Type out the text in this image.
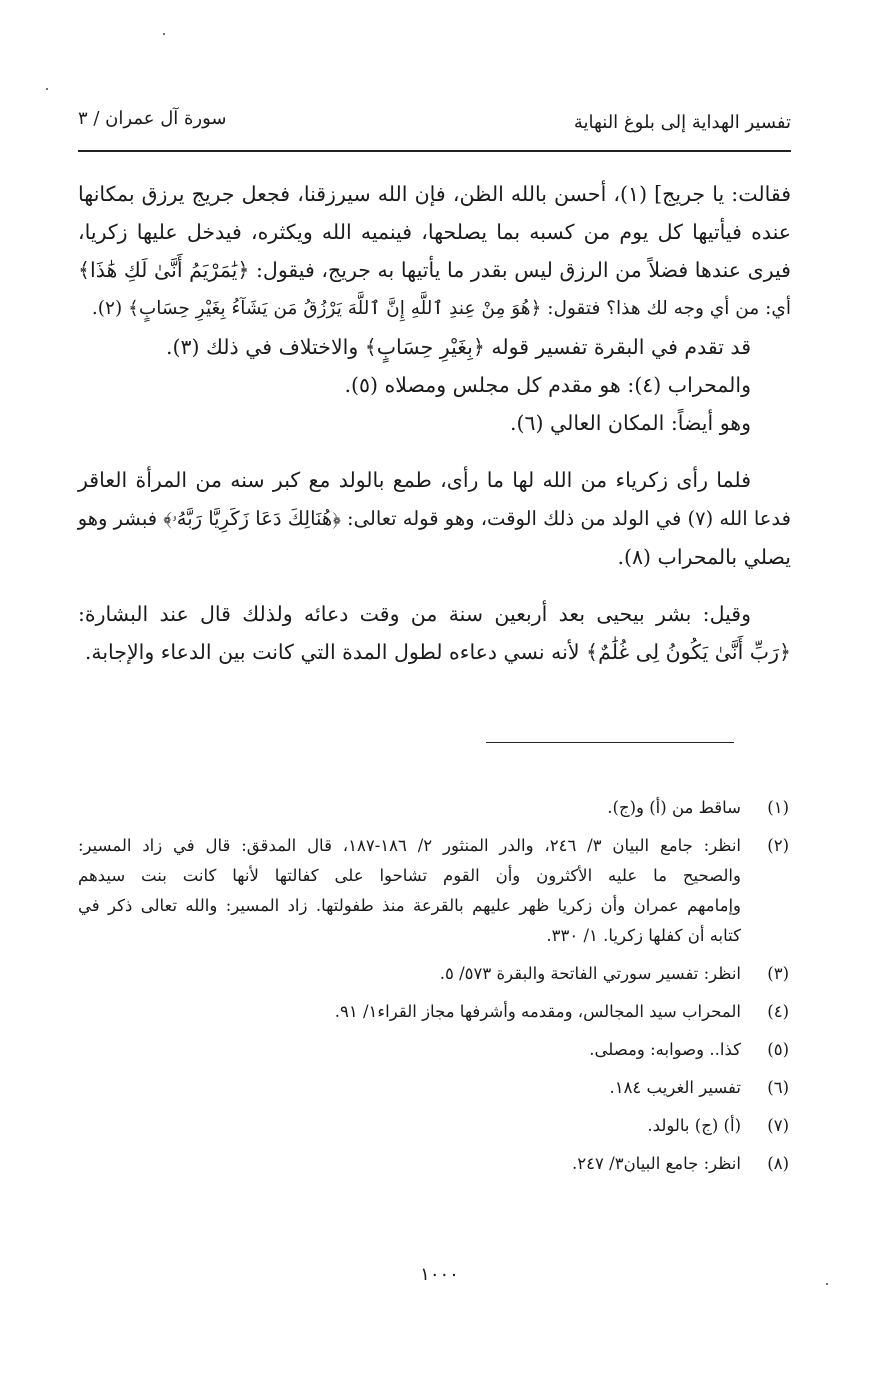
تفسير الهداية إلى بلوغ النهاية
سورة آل عمران / ٣
فقالت: يا جريج] (١)، أحسن بالله الظن، فإن الله سيرزقنا، فجعل جريج يرزق بمكانها
عنده فيأتيها كل يوم من كسبه بما يصلحها، فينميه الله ويكثره، فيدخل عليها زكريا،
فيرى عندها فضلاً من الرزق ليس بقدر ما يأتيها به جريج، فيقول: ﴿يَٰمَرْيَمُ أَنَّىٰ لَكِ هَٰذَا﴾
أي: من أي وجه لك هذا؟ فتقول: ﴿هُوَ مِنْ عِندِ ٱللَّهِ إِنَّ ٱللَّهَ يَرْزُقُ مَن يَشَآءُ بِغَيْرِ حِسَابٍ﴾ (٢).
قد تقدم في البقرة تفسير قوله ﴿بِغَيْرِ حِسَابٍ﴾ والاختلاف في ذلك (٣).
والمحراب (٤): هو مقدم كل مجلس ومصلاه (٥).
وهو أيضاً: المكان العالي (٦).
فلما رأى زكرياء من الله لها ما رأى، طمع بالولد مع كبر سنه من المرأة العاقر
فدعا الله (٧) في الولد من ذلك الوقت، وهو قوله تعالى: ﴿هُنَالِكَ دَعَا زَكَرِيَّا رَبَّهُۥ﴾ فبشر وهو
يصلي بالمحراب (٨).
وقيل: بشر بيحيى بعد أربعين سنة من وقت دعائه ولذلك قال عند البشارة:
﴿رَبِّ أَنَّىٰ يَكُونُ لِى غُلَٰمٌ﴾ لأنه نسي دعاءه لطول المدة التي كانت بين الدعاء والإجابة.
(١)
ساقط من (أ) و(ج).
(٢)
انظر: جامع البيان ٣/ ٢٤٦، والدر المنثور ٢/ ١٨٦-١٨٧، قال المدقق: قال في زاد المسير:
والصحيح ما عليه الأكثرون وأن القوم تشاحوا على كفالتها لأنها كانت بنت سيدهم
وإمامهم عمران وأن زكريا ظهر عليهم بالقرعة منذ طفولتها. زاد المسير: والله تعالى ذكر في
كتابه أن كفلها زكريا. ١/ ٣٣٠.
(٣)
انظر: تفسير سورتي الفاتحة والبقرة ٥٧٣/ ٥.
(٤)
المحراب سيد المجالس، ومقدمه وأشرفها مجاز القراء١/ ٩١.
(٥)
كذا.. وصوابه: ومصلى.
(٦)
تفسير الغريب ١٨٤.
(٧)
(أ) (ج) بالولد.
(٨)
انظر: جامع البيان٣/ ٢٤٧.
١٠٠٠
